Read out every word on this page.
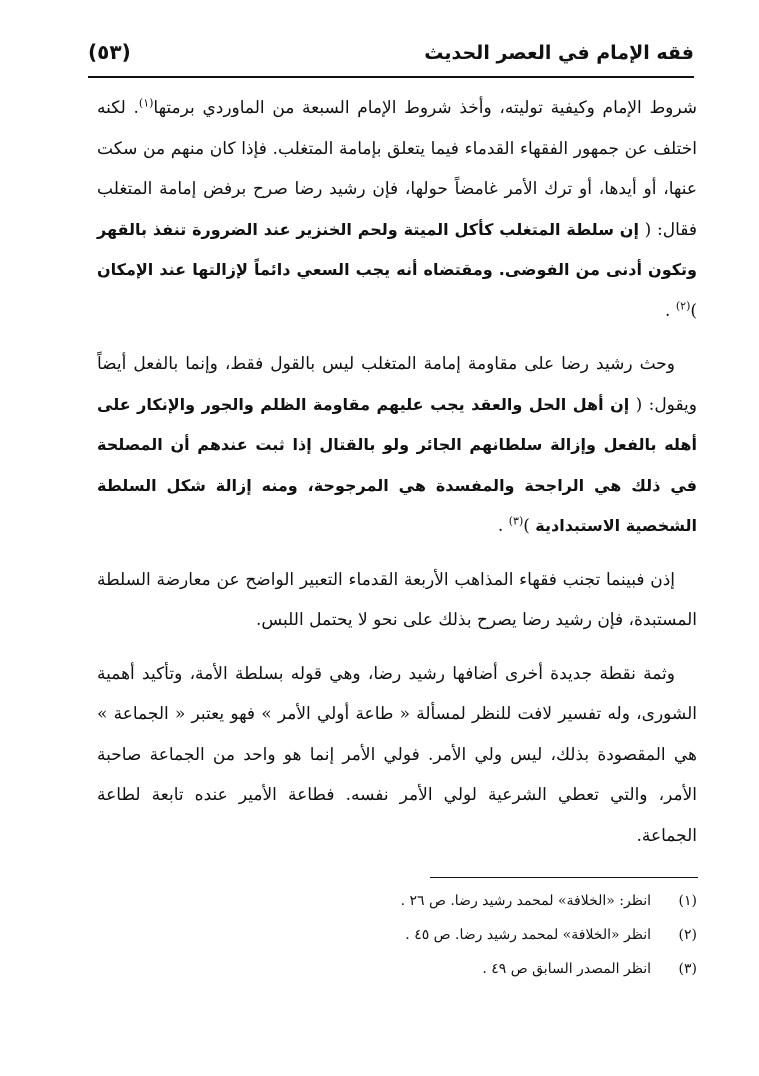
فقه الإمام في العصر الحديث
(٥٣)

شروط الإمام وكيفية توليته، وأخذ شروط الإمام السبعة من الماوردي برمتها$^{(١)}$. لكنه اختلف عن جمهور الفقهاء القدماء فيما يتعلق بإمامة المتغلب. فإذا كان منهم من سكت عنها، أو أيدها، أو ترك الأمر غامضاً حولها، فإن رشيد رضا صرح برفض إمامة المتغلب فقال: ( إن سلطة المتغلب كأكل الميتة ولحم الخنزير عند الضرورة تنفذ بالقهر وتكون أدنى من الفوضى. ومقتضاه أنه يجب السعي دائماً لإزالتها عند الإمكان )$^{(٢)}$ .

وحث رشيد رضا على مقاومة إمامة المتغلب ليس بالقول فقط، وإنما بالفعل أيضاً ويقول: ( إن أهل الحل والعقد يجب عليهم مقاومة الظلم والجور والإنكار على أهله بالفعل وإزالة سلطانهم الجائر ولو بالقتال إذا ثبت عندهم أن المصلحة في ذلك هي الراجحة والمفسدة هي المرجوحة، ومنه إزالة شكل السلطة الشخصية الاستبدادية )$^{(٣)}$ .

إذن فبينما تجنب فقهاء المذاهب الأربعة القدماء التعبير الواضح عن معارضة السلطة المستبدة، فإن رشيد رضا يصرح بذلك على نحو لا يحتمل اللبس.

وثمة نقطة جديدة أخرى أضافها رشيد رضا، وهي قوله بسلطة الأمة، وتأكيد أهمية الشورى، وله تفسير لافت للنظر لمسألة « طاعة أولي الأمر » فهو يعتبر « الجماعة » هي المقصودة بذلك، ليس ولي الأمر. فولي الأمر إنما هو واحد من الجماعة صاحبة الأمر، والتي تعطي الشرعية لولي الأمر نفسه. فطاعة الأمير عنده تابعة لطاعة الجماعة.

(١)انظر: «الخلافة» لمحمد رشيد رضا. ص ٢٦ .

(٢)انظر «الخلافة» لمحمد رشيد رضا. ص ٤٥ .

(٣)انظر المصدر السابق ص ٤٩ .
